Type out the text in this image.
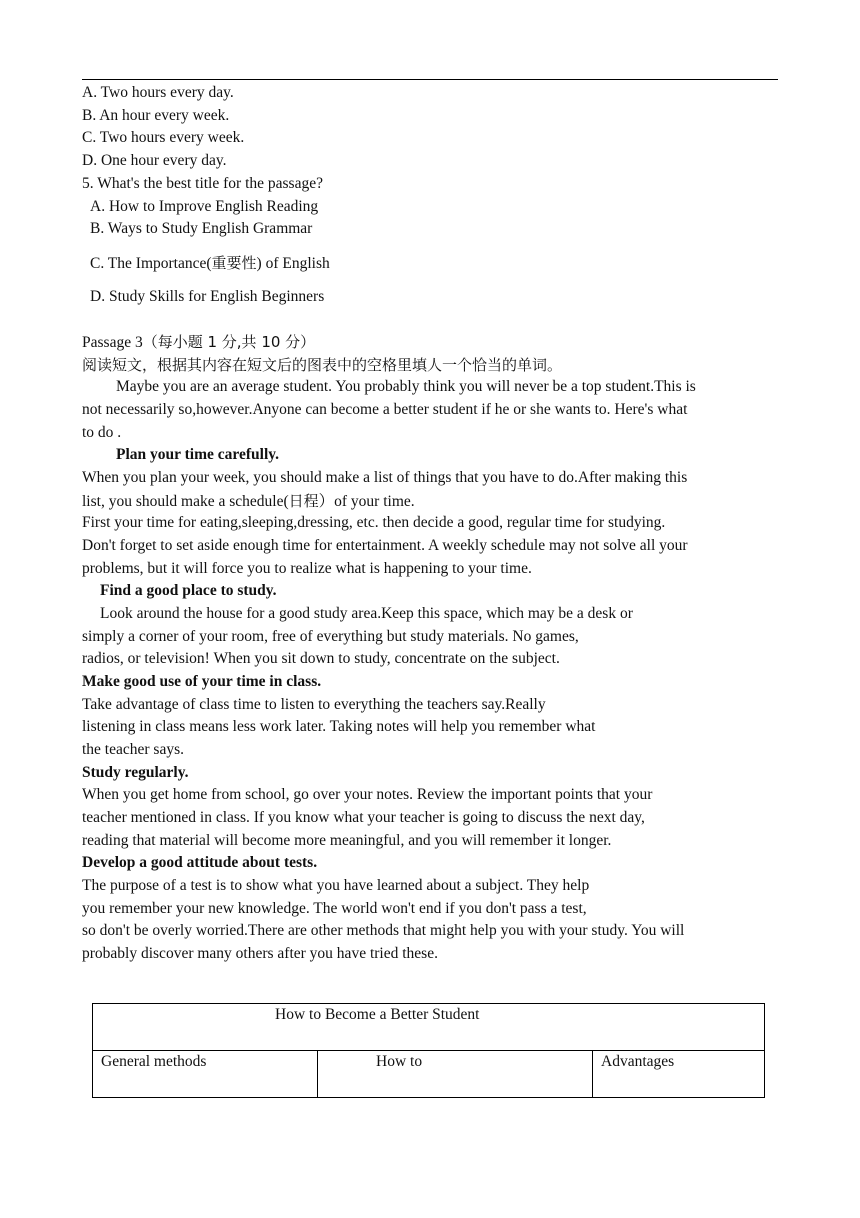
A. Two hours every day.
B. An hour every week.
C. Two hours every week.
D. One hour every day.
5. What's the best title for the passage?
A. How to Improve English Reading
B. Ways to Study English Grammar
C. The Importance(重要性) of English
D. Study Skills for English Beginners
Passage 3（每小题 1 分,共 10 分）
阅读短文，根据其内容在短文后的图表中的空格里填人一个恰当的单词。
Maybe you are an average student. You probably think you will never be a top student.This is
not necessarily so,however.Anyone can become a better student if he or she wants to. Here's what
to do .
Plan your time carefully.
When you plan your week, you should make a list of things that you have to do.After making this
list, you should make a schedule(日程）of your time.
First your time for eating,sleeping,dressing, etc. then decide a good, regular time for studying.
Don't forget to set aside enough time for entertainment. A weekly schedule may not solve all your
problems, but it will force you to realize what is happening to your time.
Find a good place to study.
Look around the house for a good study area.Keep this space, which may be a desk or
simply a corner of your room, free of everything but study materials. No games,
radios, or television! When you sit down to study, concentrate on the subject.
Make good use of your time in class.
Take advantage of class time to listen to everything the teachers say.Really
listening in class means less work later. Taking notes will help you remember what
the teacher says.
Study regularly.
When you get home from school, go over your notes. Review the important points that your
teacher mentioned in class. If you know what your teacher is going to discuss the next day,
reading that material will become more meaningful, and you will remember it longer.
Develop a good attitude about tests.
The purpose of a test is to show what you have learned about a subject. They help
you remember your new knowledge. The world won't end if you don't pass a test,
so don't be overly worried.There are other methods that might help you with your study. You will
probably discover many others after you have tried these.
How to Become a Better Student
General methods	How to	Advantages
